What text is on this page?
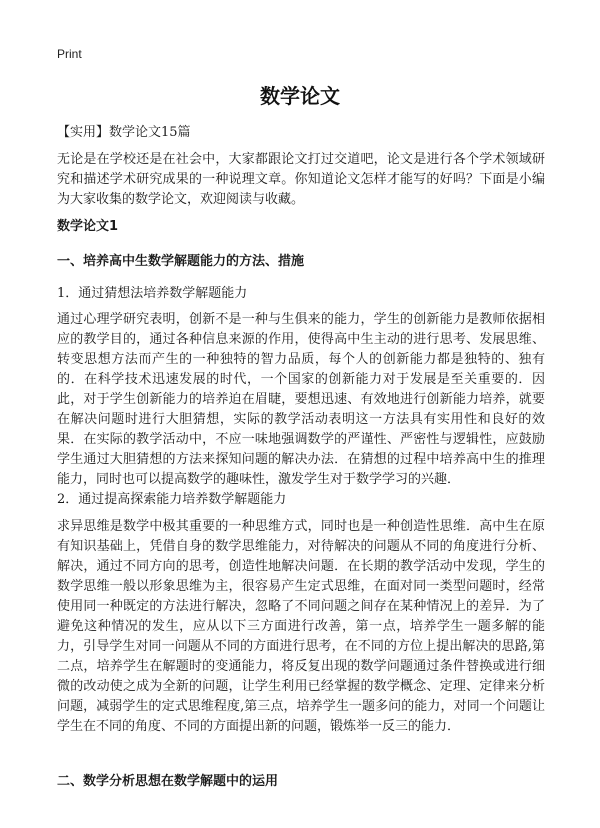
Print
数学论文
【实用】数学论文15篇
无论是在学校还是在社会中，大家都跟论文打过交道吧，论文是进行各个学术领域研究和描述学术研究成果的一种说理文章。你知道论文怎样才能写的好吗？下面是小编为大家收集的数学论文，欢迎阅读与收藏。
数学论文1
一、培养高中生数学解题能力的方法、措施
1．通过猜想法培养数学解题能力
通过心理学研究表明，创新不是一种与生俱来的能力，学生的创新能力是教师依据相应的教学目的，通过各种信息来源的作用，使得高中生主动的进行思考、发展思维、转变思想方法而产生的一种独特的智力品质，每个人的创新能力都是独特的、独有的．在科学技术迅速发展的时代，一个国家的创新能力对于发展是至关重要的．因此，对于学生创新能力的培养迫在眉睫，要想迅速、有效地进行创新能力培养，就要在解决问题时进行大胆猜想，实际的教学活动表明这一方法具有实用性和良好的效果．在实际的教学活动中，不应一味地强调数学的严谨性、严密性与逻辑性，应鼓励学生通过大胆猜想的方法来探知问题的解决办法．在猜想的过程中培养高中生的推理能力，同时也可以提高数学的趣味性，激发学生对于数学学习的兴趣．
2．通过提高探索能力培养数学解题能力
求异思维是数学中极其重要的一种思维方式，同时也是一种创造性思维．高中生在原有知识基础上，凭借自身的数学思维能力，对待解决的问题从不同的角度进行分析、解决，通过不同方向的思考，创造性地解决问题．在长期的教学活动中发现，学生的数学思维一般以形象思维为主，很容易产生定式思维，在面对同一类型问题时，经常使用同一种既定的方法进行解决，忽略了不同问题之间存在某种情况上的差异．为了避免这种情况的发生，应从以下三方面进行改善，第一点，培养学生一题多解的能力，引导学生对同一问题从不同的方面进行思考，在不同的方位上提出解决的思路,第二点，培养学生在解题时的变通能力，将反复出现的数学问题通过条件替换或进行细微的改动使之成为全新的问题，让学生利用已经掌握的数学概念、定理、定律来分析问题，减弱学生的定式思维程度,第三点，培养学生一题多问的能力，对同一个问题让学生在不同的角度、不同的方面提出新的问题，锻炼举一反三的能力．
二、数学分析思想在数学解题中的运用
